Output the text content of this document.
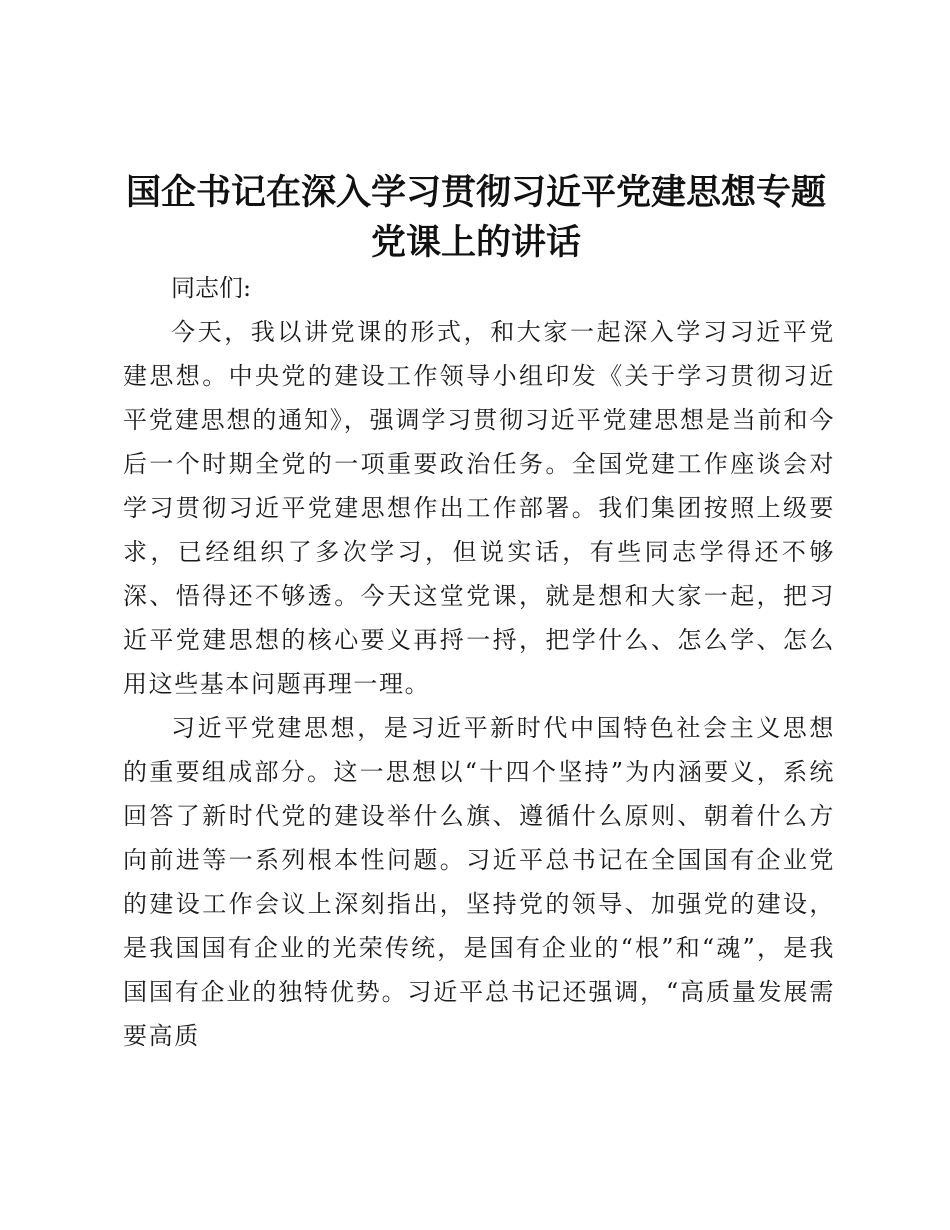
国企书记在深入学习贯彻习近平党建思想专题党课上的讲话

同志们:

今天，我以讲党课的形式，和大家一起深入学习习近平党建思想。中央党的建设工作领导小组印发《关于学习贯彻习近平党建思想的通知》，强调学习贯彻习近平党建思想是当前和今后一个时期全党的一项重要政治任务。全国党建工作座谈会对学习贯彻习近平党建思想作出工作部署。我们集团按照上级要求，已经组织了多次学习，但说实话，有些同志学得还不够深、悟得还不够透。今天这堂党课，就是想和大家一起，把习近平党建思想的核心要义再捋一捋，把学什么、怎么学、怎么用这些基本问题再理一理。

习近平党建思想，是习近平新时代中国特色社会主义思想的重要组成部分。这一思想以“十四个坚持”为内涵要义，系统回答了新时代党的建设举什么旗、遵循什么原则、朝着什么方向前进等一系列根本性问题。习近平总书记在全国国有企业党的建设工作会议上深刻指出，坚持党的领导、加强党的建设，是我国国有企业的光荣传统，是国有企业的“根”和“魂”，是我国国有企业的独特优势。习近平总书记还强调，“高质量发展需要高质
